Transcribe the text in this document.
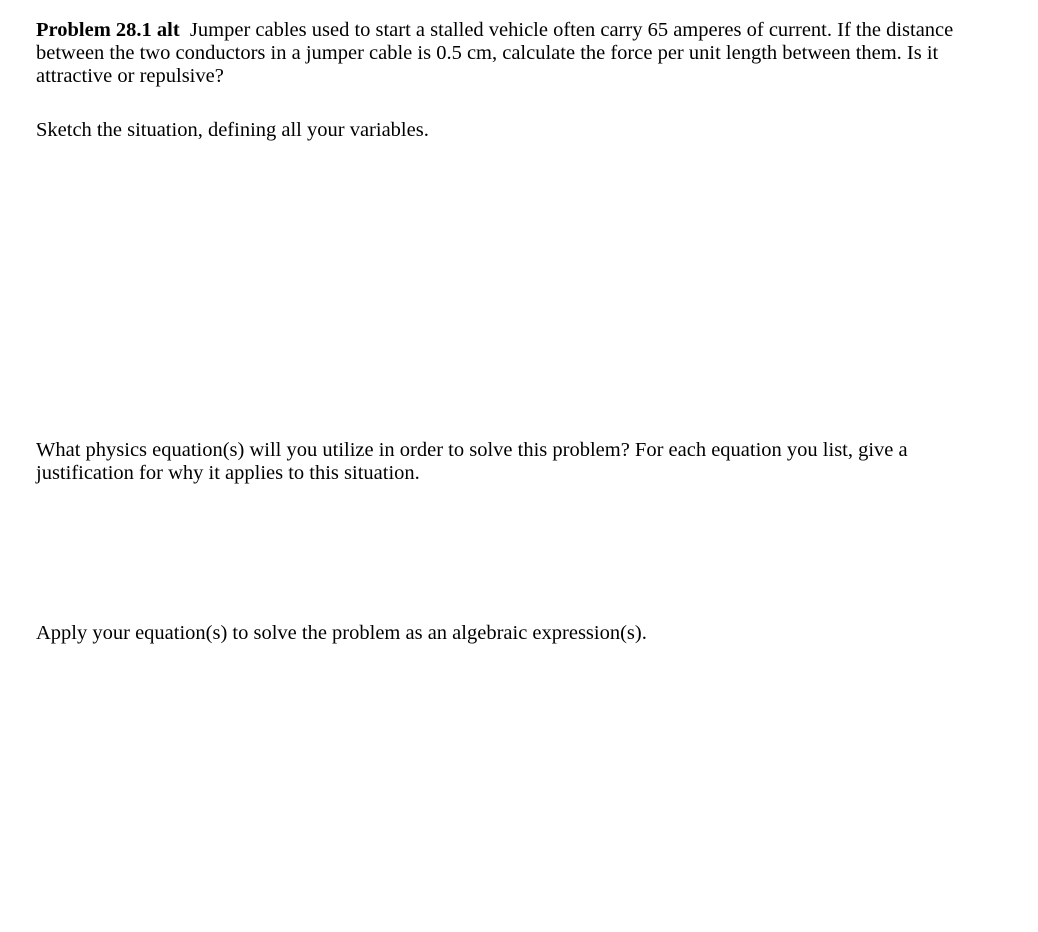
Problem 28.1 alt Jumper cables used to start a stalled vehicle often carry 65 amperes of current. If the distance between the two conductors in a jumper cable is 0.5 cm, calculate the force per unit length between them. Is it attractive or repulsive?

Sketch the situation, defining all your variables.

What physics equation(s) will you utilize in order to solve this problem? For each equation you list, give a justification for why it applies to this situation.

Apply your equation(s) to solve the problem as an algebraic expression(s).
